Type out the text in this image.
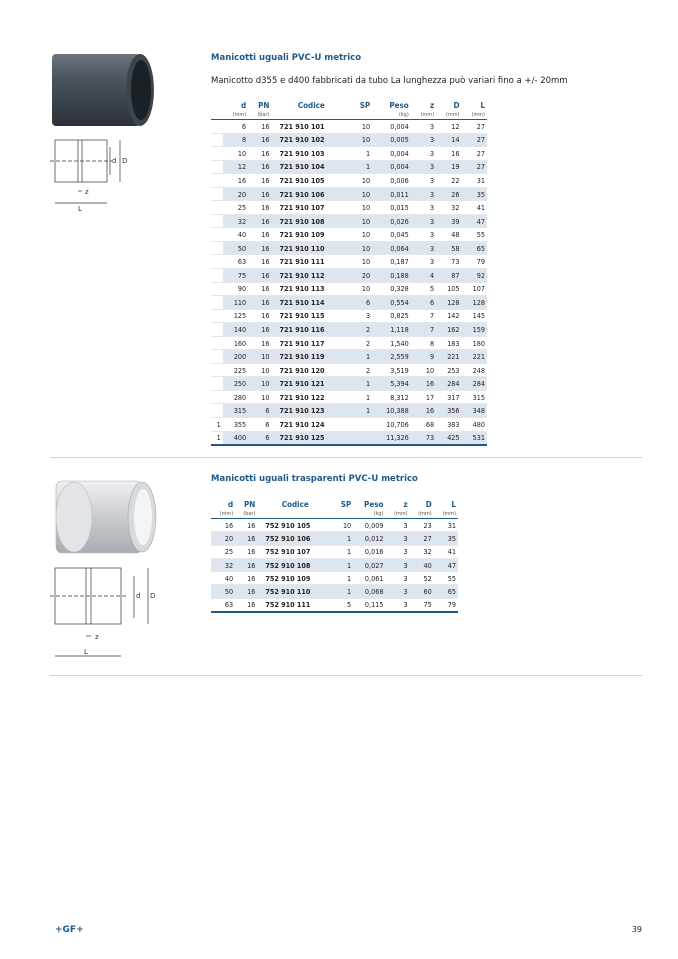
d D
z
L
Manicotti uguali PVC-U metrico
Manicotto d355 e d400 fabbricati da tubo La lunghezza può variari fino a +/- 20mm
	d	PN	Codice	SP	Peso	z	D	L
	(mm)	(bar)			(kg)	(mm)	(mm)	(mm)
	6	16	721 910 101	10	0,004	3	12	27
	8	16	721 910 102	10	0,005	3	14	27
	10	16	721 910 103	1	0,004	3	16	27
	12	16	721 910 104	1	0,004	3	19	27
	16	16	721 910 105	10	0,006	3	22	31
	20	16	721 910 106	10	0,011	3	26	35
	25	16	721 910 107	10	0,015	3	32	41
	32	16	721 910 108	10	0,026	3	39	47
	40	16	721 910 109	10	0,045	3	48	55
	50	16	721 910 110	10	0,064	3	58	65
	63	16	721 910 111	10	0,187	3	73	79
	75	16	721 910 112	20	0,188	4	87	92
	90	16	721 910 113	10	0,328	5	105	107
	110	16	721 910 114	6	0,554	6	128	128
	125	16	721 910 115	3	0,825	7	142	145
	140	16	721 910 116	2	1,118	7	162	159
	160	16	721 910 117	2	1,540	8	183	180
	200	10	721 910 119	1	2,559	9	221	221
	225	10	721 910 120	2	3,519	10	253	248
	250	10	721 910 121	1	5,394	16	284	284
	280	10	721 910 122	1	8,312	17	317	315
	315	6	721 910 123	1	10,388	16	356	348
1	355	6	721 910 124		10,706	68	383	480
1	400	6	721 910 125		11,326	73	425	531
d D
z
L
Manicotti uguali trasparenti PVC-U metrico
d	PN	Codice	SP	Peso	z	D	L
(mm)	(bar)			(kg)	(mm)	(mm)	(mm)
16	16	752 910 105	10	0,009	3	23	31
20	16	752 910 106	1	0,012	3	27	35
25	16	752 910 107	1	0,016	3	32	41
32	16	752 910 108	1	0,027	3	40	47
40	16	752 910 109	1	0,061	3	52	55
50	16	752 910 110	1	0,068	3	60	65
63	16	752 910 111	5	0,115	3	75	79
+GF+	39
